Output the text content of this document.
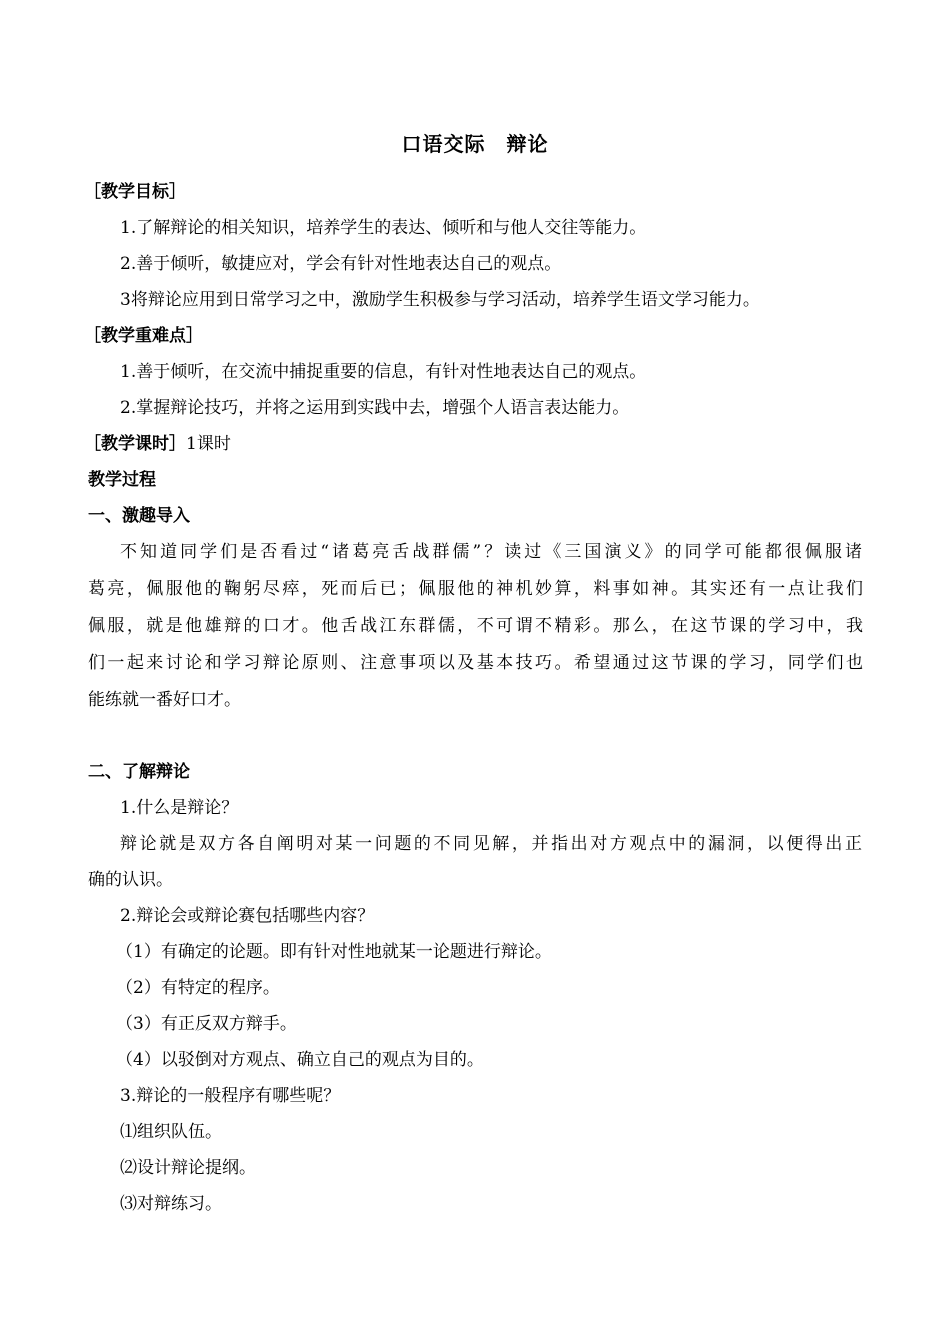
口语交际　辩论
［教学目标］
1.了解辩论的相关知识，培养学生的表达、倾听和与他人交往等能力。
2.善于倾听，敏捷应对，学会有针对性地表达自己的观点。
3将辩论应用到日常学习之中，激励学生积极参与学习活动，培养学生语文学习能力。
［教学重难点］
1.善于倾听，在交流中捕捉重要的信息，有针对性地表达自己的观点。
2.掌握辩论技巧，并将之运用到实践中去，增强个人语言表达能力。
［教学课时］1课时
教学过程
一、激趣导入
不知道同学们是否看过“诸葛亮舌战群儒”？读过《三国演义》的同学可能都很佩服诸
葛亮，佩服他的鞠躬尽瘁，死而后已；佩服他的神机妙算，料事如神。其实还有一点让我们
佩服，就是他雄辩的口才。他舌战江东群儒，不可谓不精彩。那么，在这节课的学习中，我
们一起来讨论和学习辩论原则、注意事项以及基本技巧。希望通过这节课的学习，同学们也
能练就一番好口才。
二、了解辩论
1.什么是辩论？
辩论就是双方各自阐明对某一问题的不同见解，并指出对方观点中的漏洞，以便得出正
确的认识。
2.辩论会或辩论赛包括哪些内容？
（1）有确定的论题。即有针对性地就某一论题进行辩论。
（2）有特定的程序。
（3）有正反双方辩手。
（4）以驳倒对方观点、确立自己的观点为目的。
3.辩论的一般程序有哪些呢？
⑴组织队伍。
⑵设计辩论提纲。
⑶对辩练习。
